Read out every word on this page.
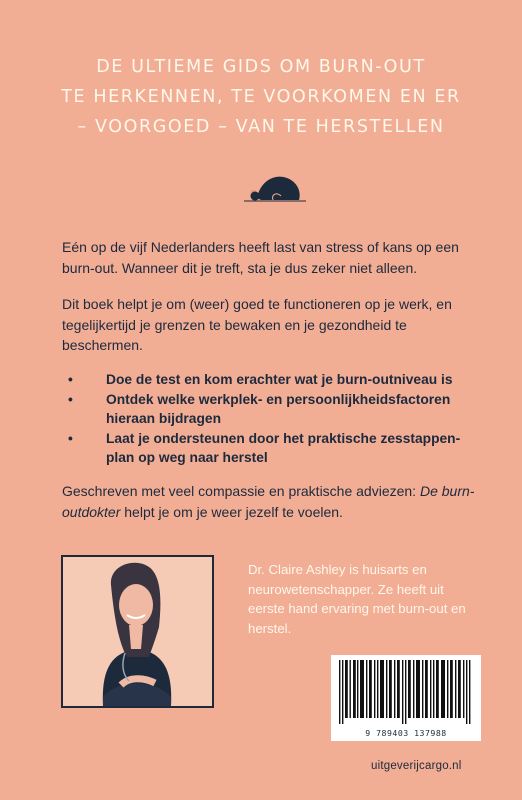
DE ULTIEME GIDS OM BURN-OUT
TE HERKENNEN, TE VOORKOMEN EN ER
– VOORGOED – VAN TE HERSTELLEN

Eén op de vijf Nederlanders heeft last van stress of kans op een burn-out. Wanneer dit je treft, sta je dus zeker niet alleen.

Dit boek helpt je om (weer) goed te functioneren op je werk, en tegelijkertijd je grenzen te bewaken en je gezondheid te beschermen.

• Doe de test en kom erachter wat je burn-outniveau is
• Ontdek welke werkplek- en persoonlijkheidsfactoren hieraan bijdragen
• Laat je ondersteunen door het praktische zesstappen-plan op weg naar herstel

Geschreven met veel compassie en praktische adviezen: De burn-outdokter helpt je om je weer jezelf te voelen.

Dr. Claire Ashley is huisarts en neurowetenschapper. Ze heeft uit eerste hand ervaring met burn-out en herstel.

9 789403 137988
uitgeverijcargo.nl
